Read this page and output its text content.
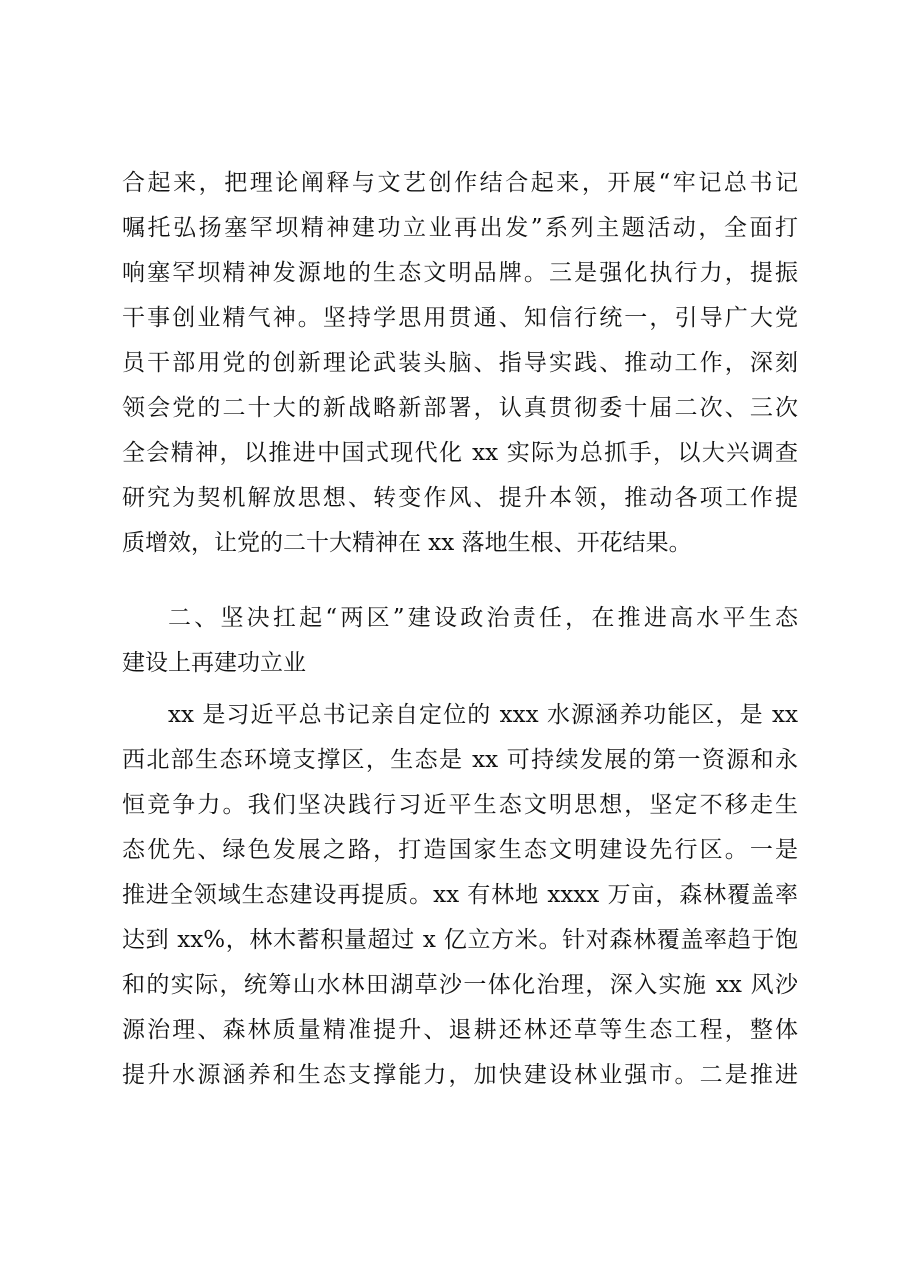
合起来，把理论阐释与文艺创作结合起来，开展“牢记总书记
嘱托弘扬塞罕坝精神建功立业再出发”系列主题活动，全面打
响塞罕坝精神发源地的生态文明品牌。三是强化执行力，提振
干事创业精气神。坚持学思用贯通、知信行统一，引导广大党
员干部用党的创新理论武装头脑、指导实践、推动工作，深刻
领会党的二十大的新战略新部署，认真贯彻委十届二次、三次
全会精神，以推进中国式现代化 xx 实际为总抓手，以大兴调查
研究为契机解放思想、转变作风、提升本领，推动各项工作提
质增效，让党的二十大精神在 xx 落地生根、开花结果。
二、坚决扛起“两区”建设政治责任，在推进高水平生态
建设上再建功立业
xx 是习近平总书记亲自定位的 xxx 水源涵养功能区，是 xx
西北部生态环境支撑区，生态是 xx 可持续发展的第一资源和永
恒竞争力。我们坚决践行习近平生态文明思想，坚定不移走生
态优先、绿色发展之路，打造国家生态文明建设先行区。一是
推进全领域生态建设再提质。xx 有林地 xxxx 万亩，森林覆盖率
达到 xx%，林木蓄积量超过 x 亿立方米。针对森林覆盖率趋于饱
和的实际，统筹山水林田湖草沙一体化治理，深入实施 xx 风沙
源治理、森林质量精准提升、退耕还林还草等生态工程，整体
提升水源涵养和生态支撑能力，加快建设林业强市。二是推进
